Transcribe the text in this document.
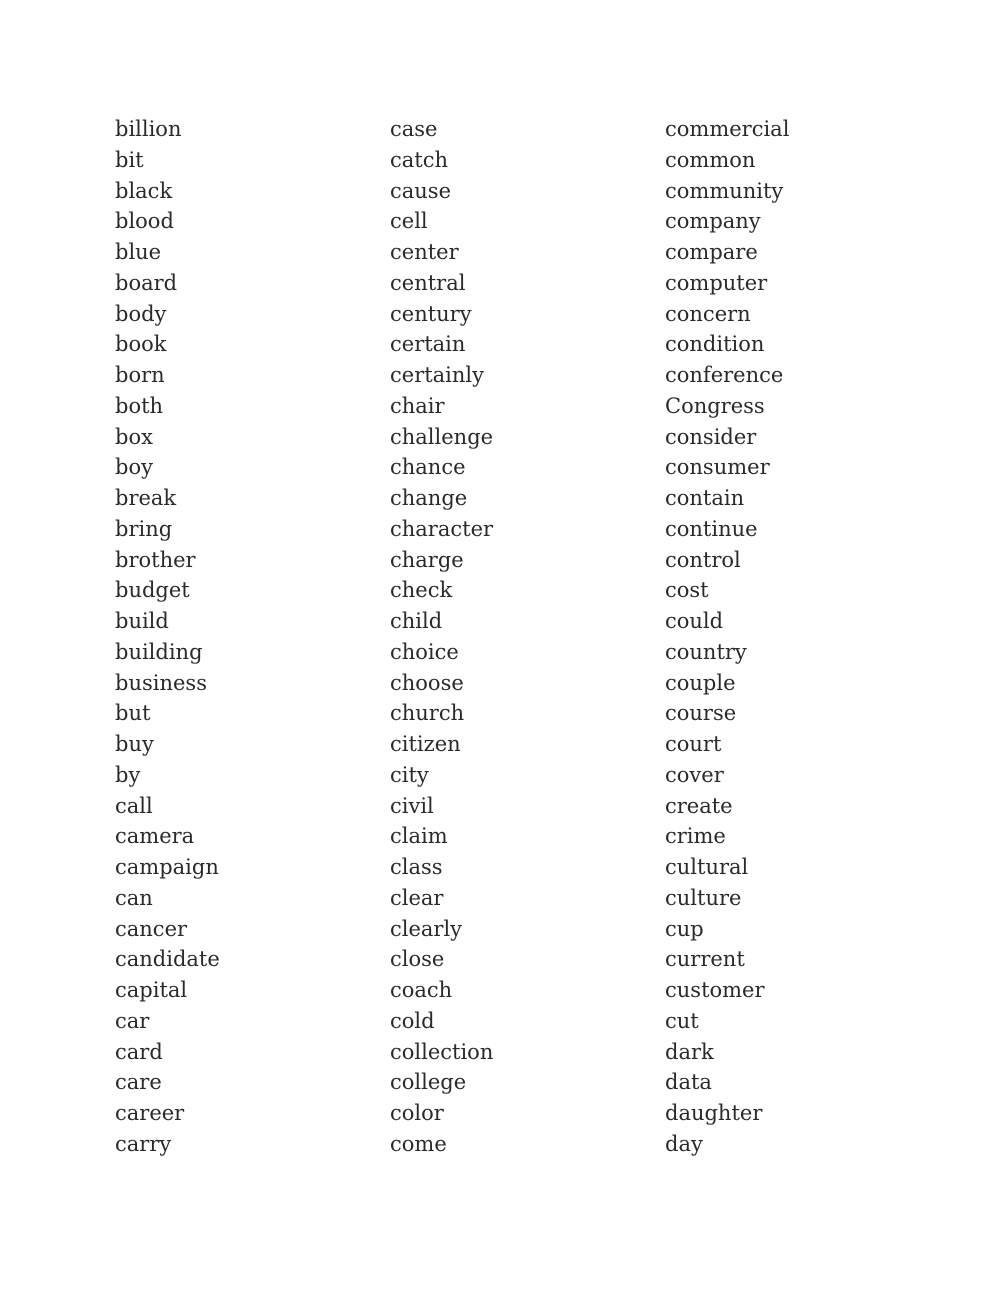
billion
bit
black
blood
blue
board
body
book
born
both
box
boy
break
bring
brother
budget
build
building
business
but
buy
by
call
camera
campaign
can
cancer
candidate
capital
car
card
care
career
carry
case
catch
cause
cell
center
central
century
certain
certainly
chair
challenge
chance
change
character
charge
check
child
choice
choose
church
citizen
city
civil
claim
class
clear
clearly
close
coach
cold
collection
college
color
come
commercial
common
community
company
compare
computer
concern
condition
conference
Congress
consider
consumer
contain
continue
control
cost
could
country
couple
course
court
cover
create
crime
cultural
culture
cup
current
customer
cut
dark
data
daughter
day
